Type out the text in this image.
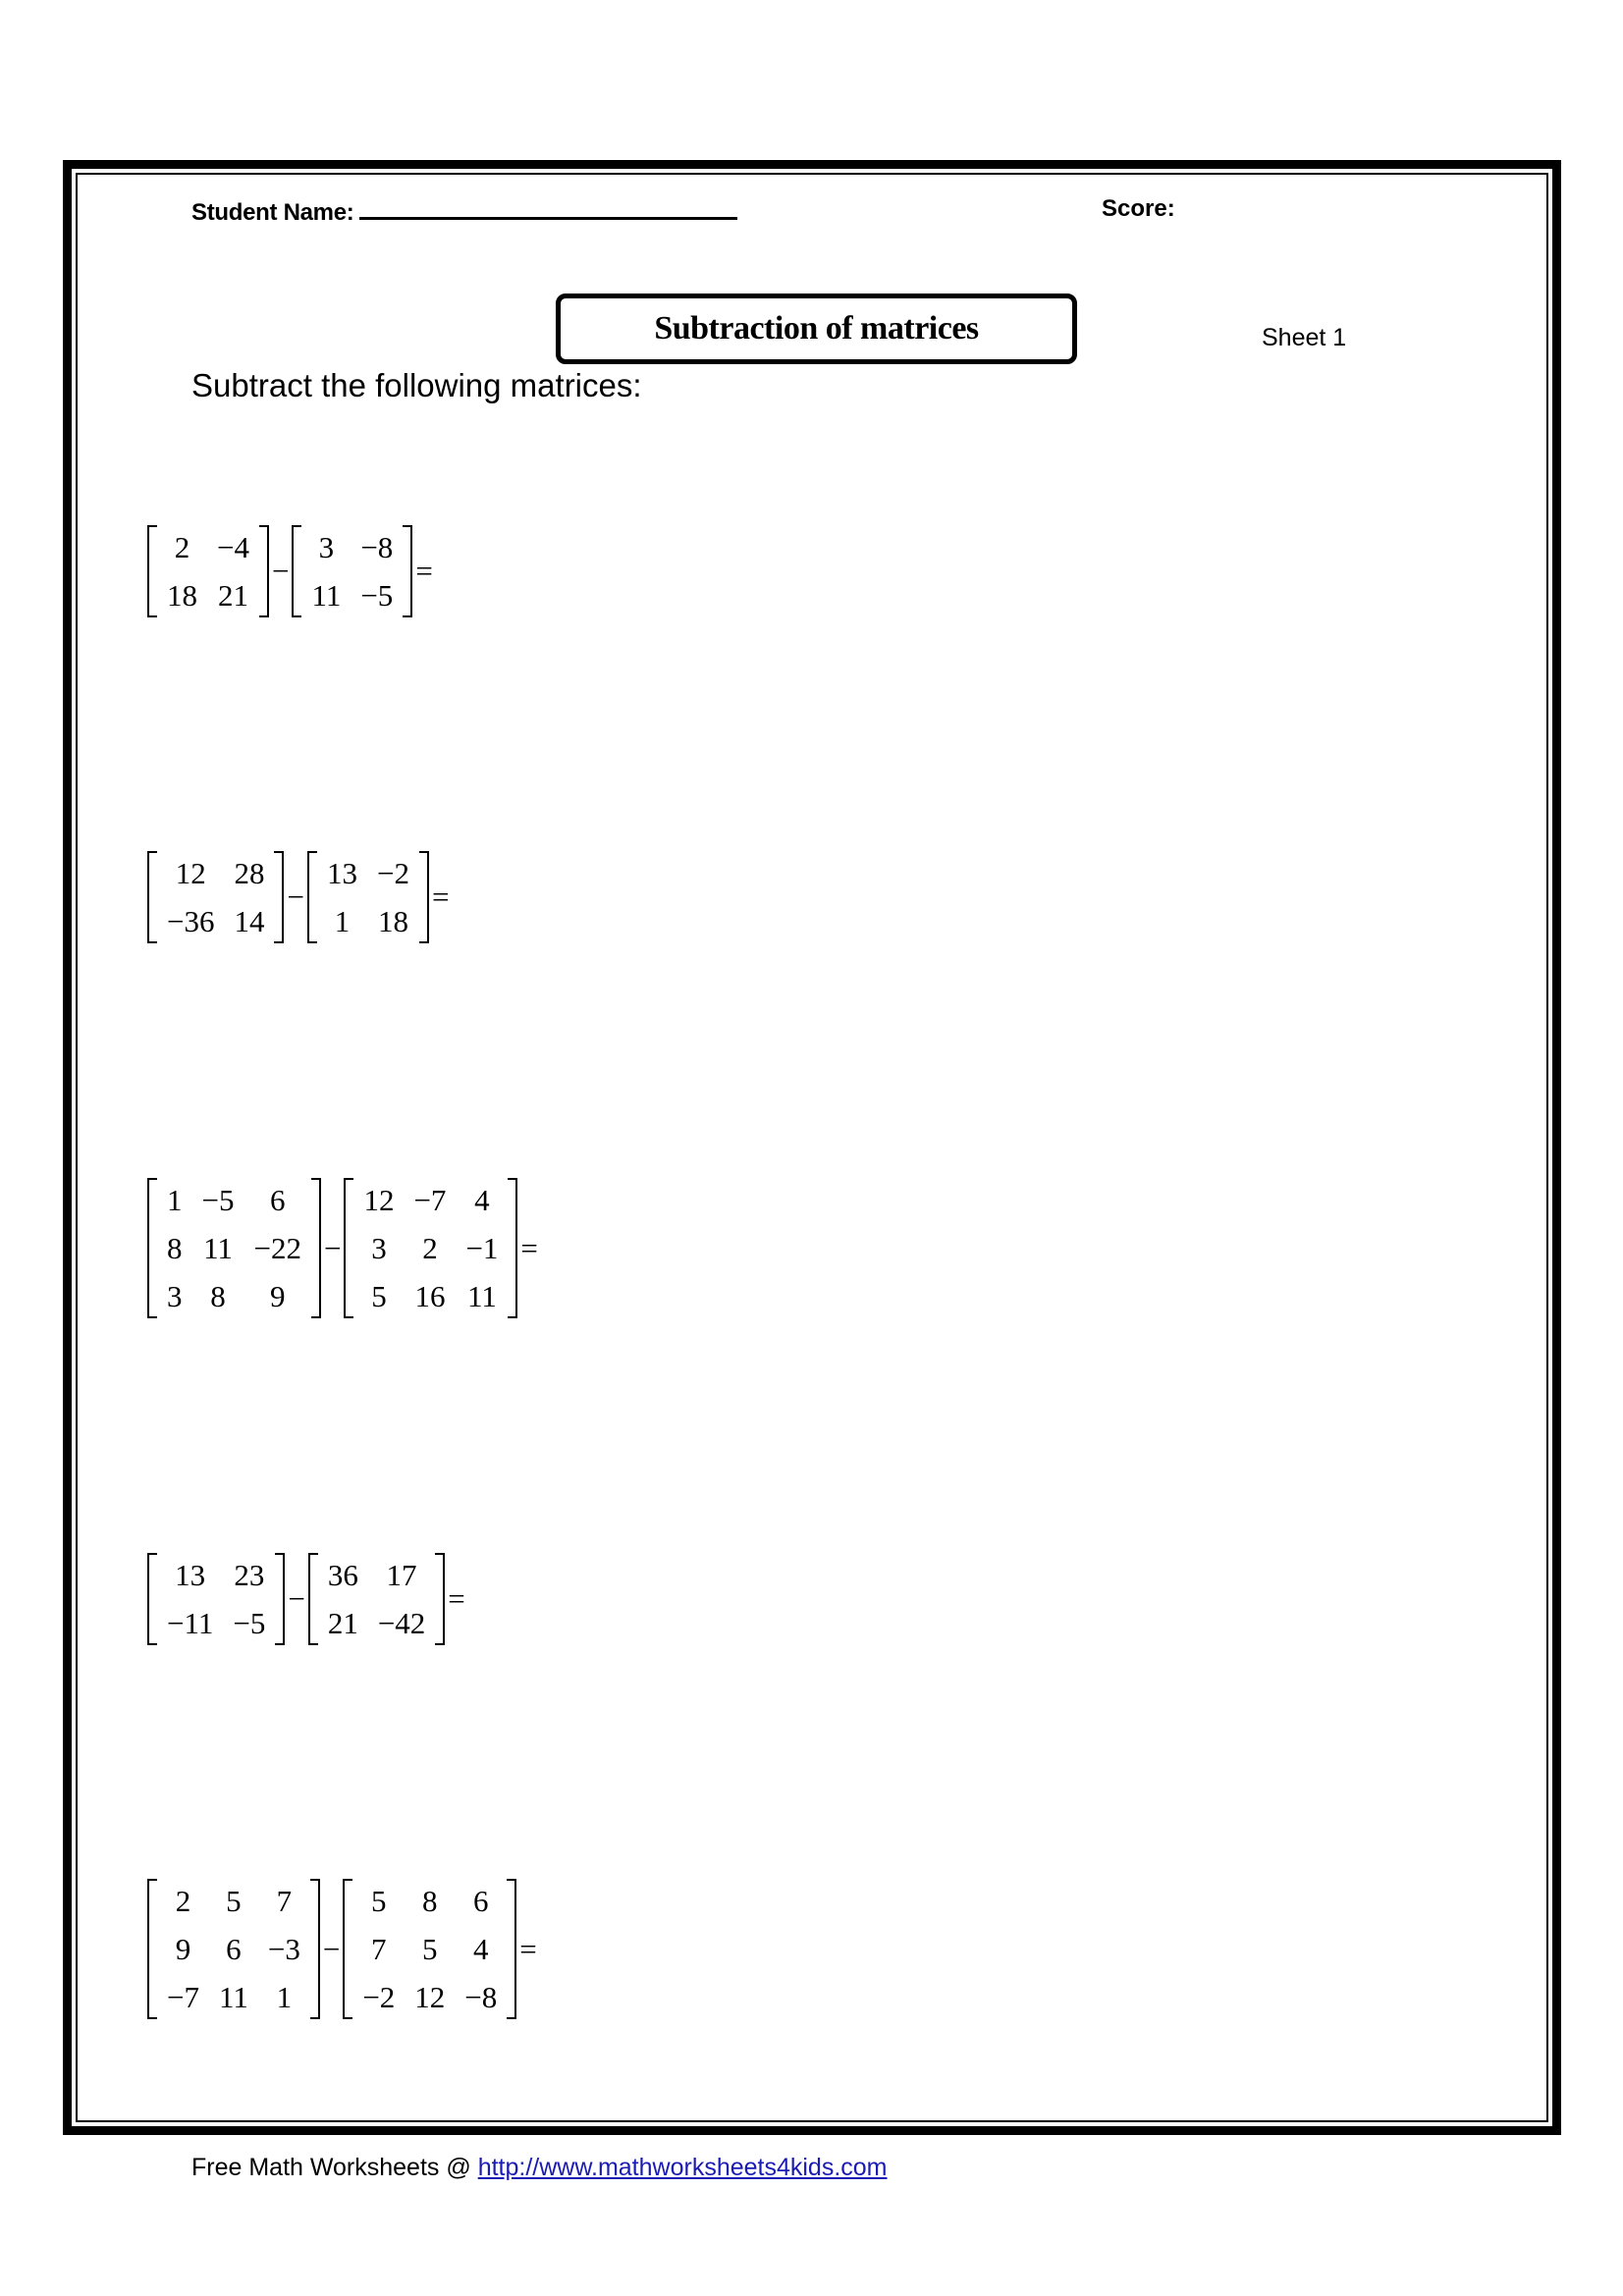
Student Name:	Score:
Subtraction of matrices	Sheet 1
Subtract the following matrices:
2	−4
18	21
−
3	−8
11	−5
=
12	28
−36	14
−
13	−2
1	18
=
1	−5	6
8	11	−22
3	8	9
−
12	−7	4
3	2	−1
5	16	11
=
13	23
−11	−5
−
36	17
21	−42
=
2	5	7
9	6	−3
−7	11	1
−
5	8	6
7	5	4
−2	12	−8
=
Free Math Worksheets @ http://www.mathworksheets4kids.com
